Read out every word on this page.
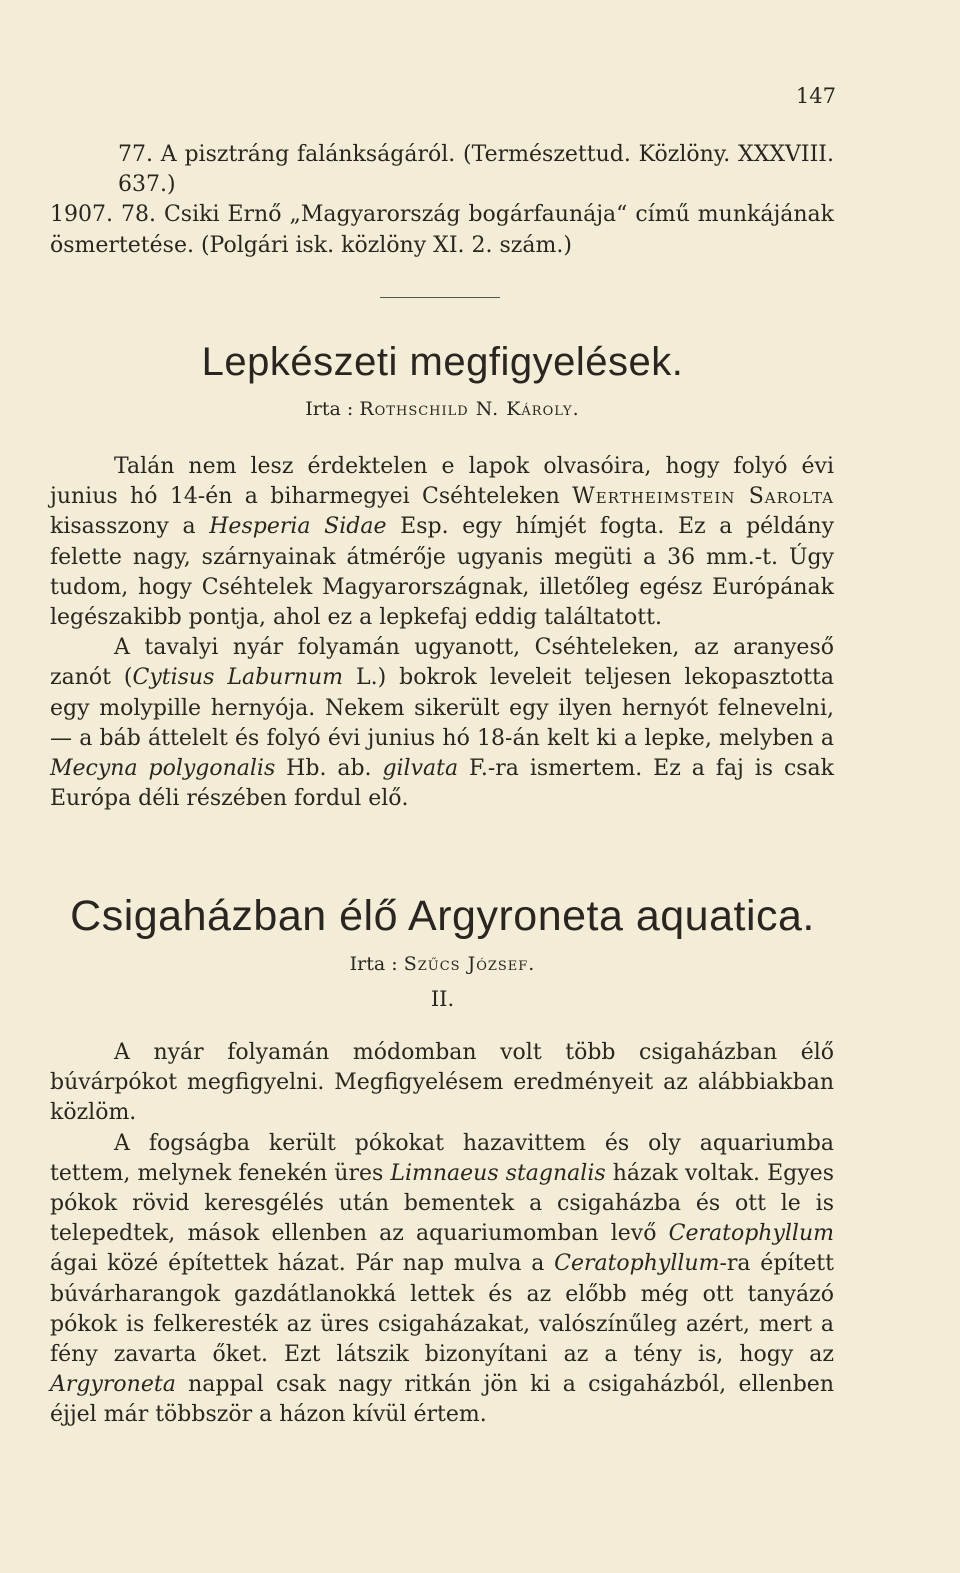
147

77. A pisztráng falánkságáról. (Természettud. Közlöny. XXXVIII. 637.)

1907. 78. Csiki Ernő „Magyarország bogárfaunája“ című munkájának ösmertetése. (Polgári isk. közlöny XI. 2. szám.)

Lepkészeti megfigyelések.
Irta : Rothschild N. Károly.

Talán nem lesz érdektelen e lapok olvasóira, hogy folyó évi junius hó 14-én a biharmegyei Cséhteleken Wertheimstein Sarolta kisasszony a Hesperia Sidae Esp. egy hímjét fogta. Ez a példány felette nagy, szárnyainak átmérője ugyanis megüti a 36 mm.-t. Úgy tudom, hogy Cséhtelek Magyarországnak, illetőleg egész Európának legészakibb pontja, ahol ez a lepkefaj eddig találtatott.

A tavalyi nyár folyamán ugyanott, Cséhteleken, az aranyeső zanót (Cytisus Laburnum L.) bokrok leveleit teljesen lekopasztotta egy molypille hernyója. Nekem sikerült egy ilyen hernyót felnevelni, — a báb áttelelt és folyó évi junius hó 18-án kelt ki a lepke, melyben a Mecyna polygonalis Hb. ab. gilvata F.-ra ismertem. Ez a faj is csak Európa déli részében fordul elő.

Csigaházban élő Argyroneta aquatica.
Irta : Szűcs József.
II.

A nyár folyamán módomban volt több csigaházban élő búvárpókot megfigyelni. Megfigyelésem eredményeit az alábbiakban közlöm.

A fogságba került pókokat hazavittem és oly aquariumba tettem, melynek fenekén üres Limnaeus stagnalis házak voltak. Egyes pókok rövid keresgélés után bementek a csigaházba és ott le is telepedtek, mások ellenben az aquariumomban levő Ceratophyllum ágai közé építettek házat. Pár nap mulva a Ceratophyllum-ra épített búvárharangok gazdátlanokká lettek és az előbb még ott tanyázó pókok is felkeresték az üres csigaházakat, valószínűleg azért, mert a fény zavarta őket. Ezt látszik bizonyítani az a tény is, hogy az Argyroneta nappal csak nagy ritkán jön ki a csigaházból, ellenben éjjel már többször a házon kívül értem.
